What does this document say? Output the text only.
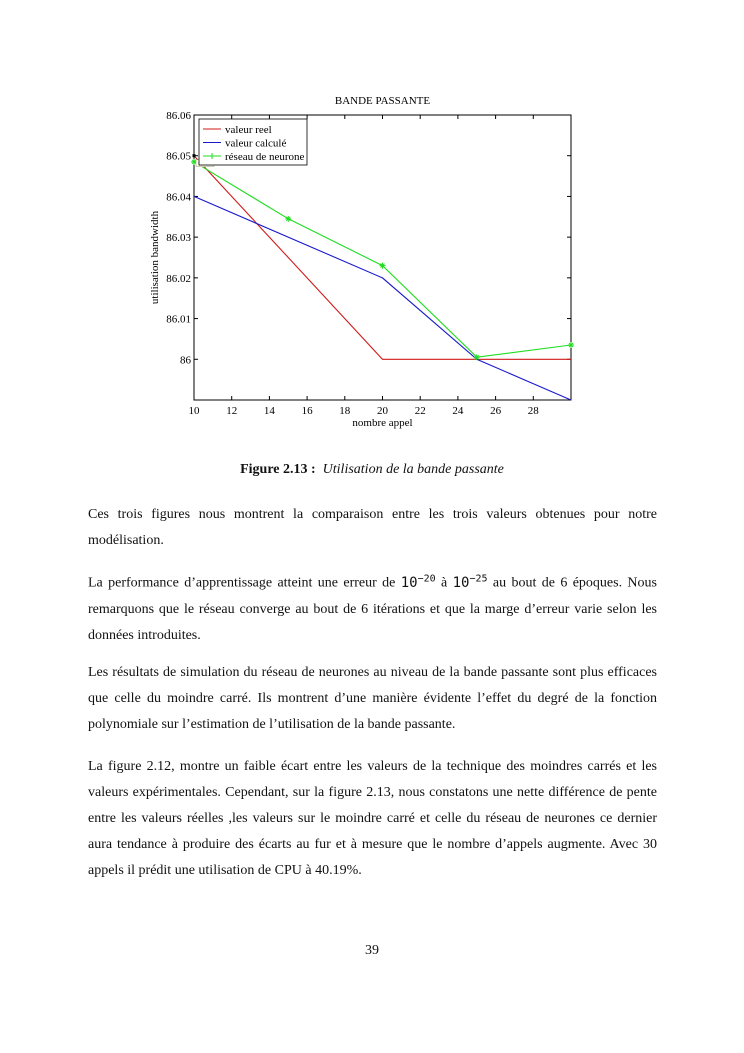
BANDE PASSANTE
10 12 14 16 18 20 22 24 26 28
86
86.01
86.02
86.03
86.04
86.05
86.06
nombre appel
utilisation bandwidth
valeur reel
valeur calculé
réseau de neurone
Figure 2.13 : Utilisation de la bande passante

Ces trois figures nous montrent la comparaison entre les trois valeurs obtenues pour notre modélisation.

La performance d’apprentissage atteint une erreur de $10^{-20}$ à $10^{-25}$ au bout de 6 époques. Nous remarquons que le réseau converge au bout de 6 itérations et que la marge d’erreur varie selon les données introduites.

Les résultats de simulation du réseau de neurones au niveau de la bande passante sont plus efficaces que celle du moindre carré. Ils montrent d’une manière évidente l’effet du degré de la fonction polynomiale sur l’estimation de l’utilisation de la bande passante.

La figure 2.12, montre un faible écart entre les valeurs de la technique des moindres carrés et les valeurs expérimentales. Cependant, sur la figure 2.13, nous constatons une nette différence de pente entre les valeurs réelles ,les valeurs sur le moindre carré et celle du réseau de neurones ce dernier aura tendance à produire des écarts au fur et à mesure que le nombre d’appels augmente. Avec 30 appels il prédit une utilisation de CPU à 40.19%.

39
